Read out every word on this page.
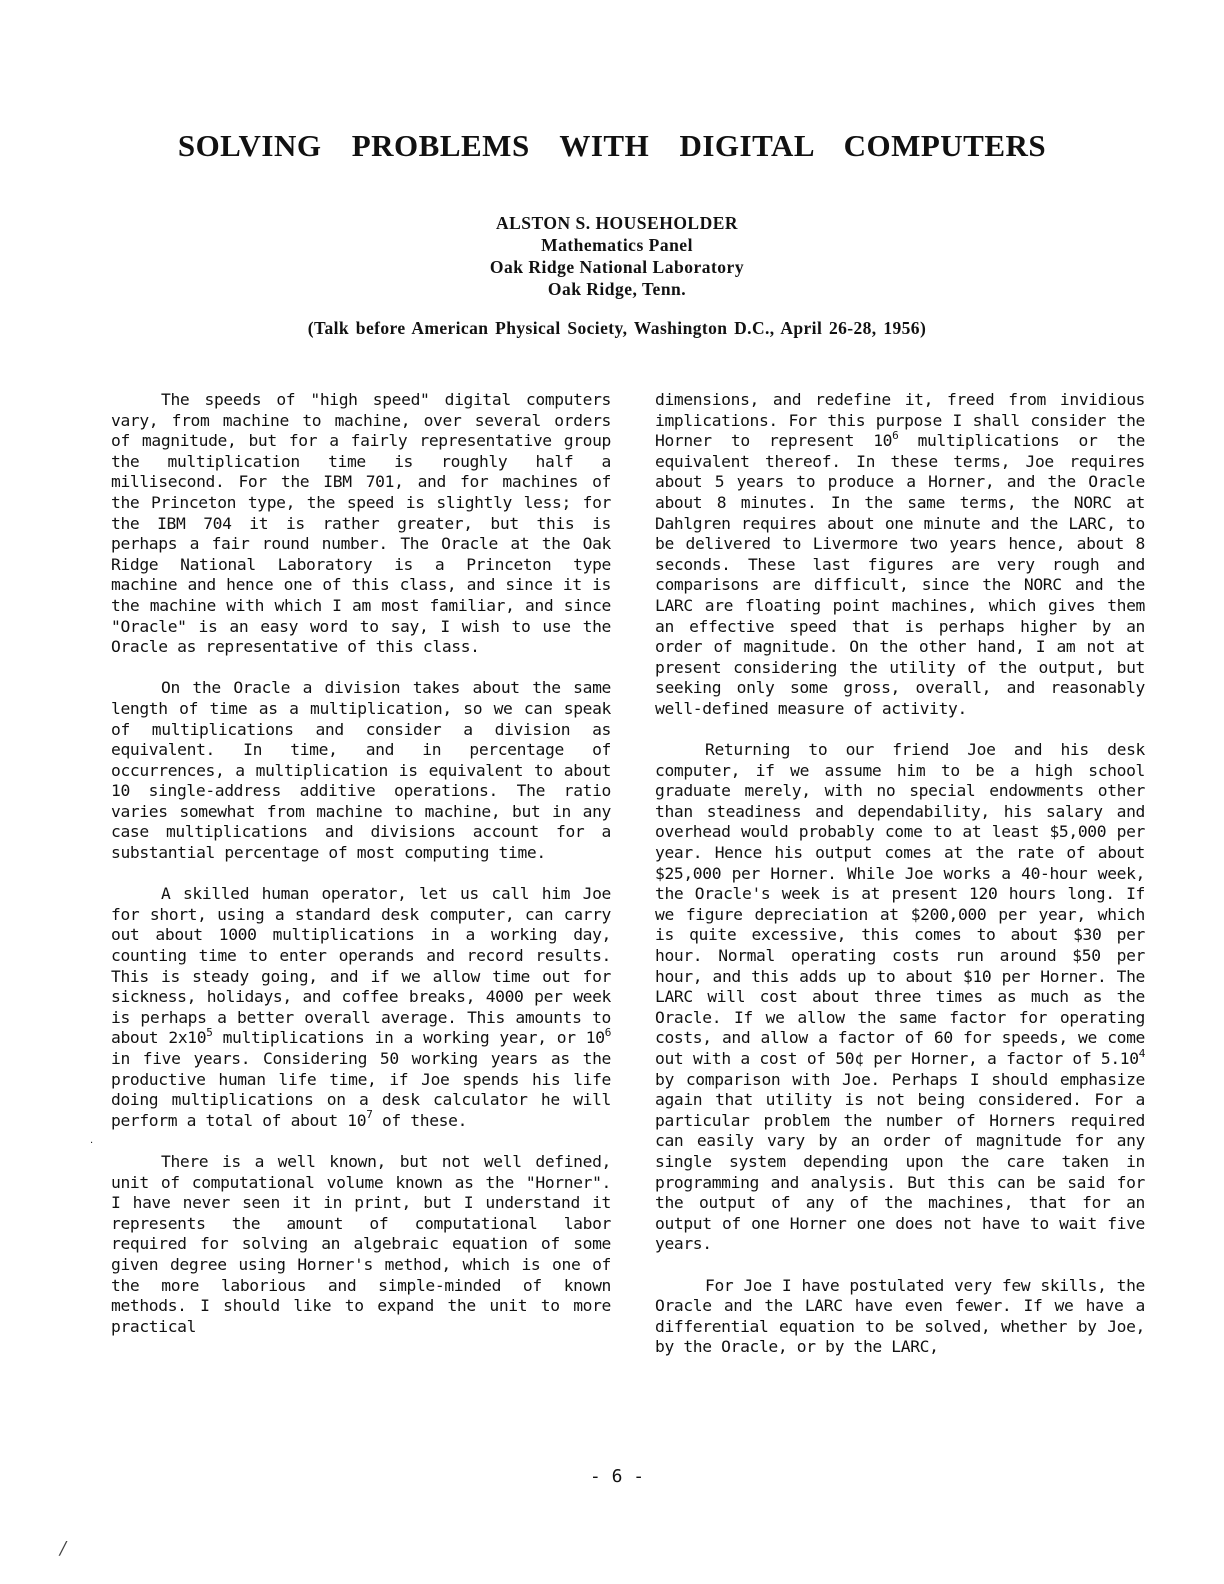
SOLVING PROBLEMS WITH DIGITAL COMPUTERS
ALSTON S. HOUSEHOLDER
Mathematics Panel
Oak Ridge National Laboratory
Oak Ridge, Tenn.
(Talk before American Physical Society, Washington D.C., April 26-28, 1956)

The speeds of "high speed" digital computers vary, from machine to machine, over several orders of magnitude, but for a fairly representative group the multiplication time is roughly half a millisecond. For the IBM 701, and for machines of the Princeton type, the speed is slightly less; for the IBM 704 it is rather greater, but this is perhaps a fair round number. The Oracle at the Oak Ridge National Laboratory is a Princeton type machine and hence one of this class, and since it is the machine with which I am most familiar, and since "Oracle" is an easy word to say, I wish to use the Oracle as representative of this class.

On the Oracle a division takes about the same length of time as a multiplication, so we can speak of multiplications and consider a division as equivalent. In time, and in percentage of occurrences, a multiplication is equivalent to about 10 single-address additive operations. The ratio varies somewhat from machine to machine, but in any case multiplications and divisions account for a substantial percentage of most computing time.

A skilled human operator, let us call him Joe for short, using a standard desk computer, can carry out about 1000 multiplications in a working day, counting time to enter operands and record results. This is steady going, and if we allow time out for sickness, holidays, and coffee breaks, 4000 per week is perhaps a better overall average. This amounts to about $2x10^5$ multiplications in a working year, or $10^6$ in five years. Considering 50 working years as the productive human life time, if Joe spends his life doing multiplications on a desk calculator he will perform a total of about $10^7$ of these.

There is a well known, but not well defined, unit of computational volume known as the "Horner". I have never seen it in print, but I understand it represents the amount of computational labor required for solving an algebraic equation of some given degree using Horner's method, which is one of the more laborious and simple-minded of known methods. I should like to expand the unit to more practical

dimensions, and redefine it, freed from invidious implications. For this purpose I shall consider the Horner to represent $10^6$ multiplications or the equivalent thereof. In these terms, Joe requires about 5 years to produce a Horner, and the Oracle about 8 minutes. In the same terms, the NORC at Dahlgren requires about one minute and the LARC, to be delivered to Livermore two years hence, about 8 seconds. These last figures are very rough and comparisons are difficult, since the NORC and the LARC are floating point machines, which gives them an effective speed that is perhaps higher by an order of magnitude. On the other hand, I am not at present considering the utility of the output, but seeking only some gross, overall, and reasonably well-defined measure of activity.

Returning to our friend Joe and his desk computer, if we assume him to be a high school graduate merely, with no special endowments other than steadiness and dependability, his salary and overhead would probably come to at least $5,000 per year. Hence his output comes at the rate of about $25,000 per Horner. While Joe works a 40-hour week, the Oracle's week is at present 120 hours long. If we figure depreciation at $200,000 per year, which is quite excessive, this comes to about $30 per hour. Normal operating costs run around $50 per hour, and this adds up to about $10 per Horner. The LARC will cost about three times as much as the Oracle. If we allow the same factor for operating costs, and allow a factor of 60 for speeds, we come out with a cost of 50¢ per Horner, a factor of 5.10$^4$ by comparison with Joe. Perhaps I should emphasize again that utility is not being considered. For a particular problem the number of Horners required can easily vary by an order of magnitude for any single system depending upon the care taken in programming and analysis. But this can be said for the output of any of the machines, that for an output of one Horner one does not have to wait five years.

For Joe I have postulated very few skills, the Oracle and the LARC have even fewer. If we have a differential equation to be solved, whether by Joe, by the Oracle, or by the LARC,

- 6 -
·
/
